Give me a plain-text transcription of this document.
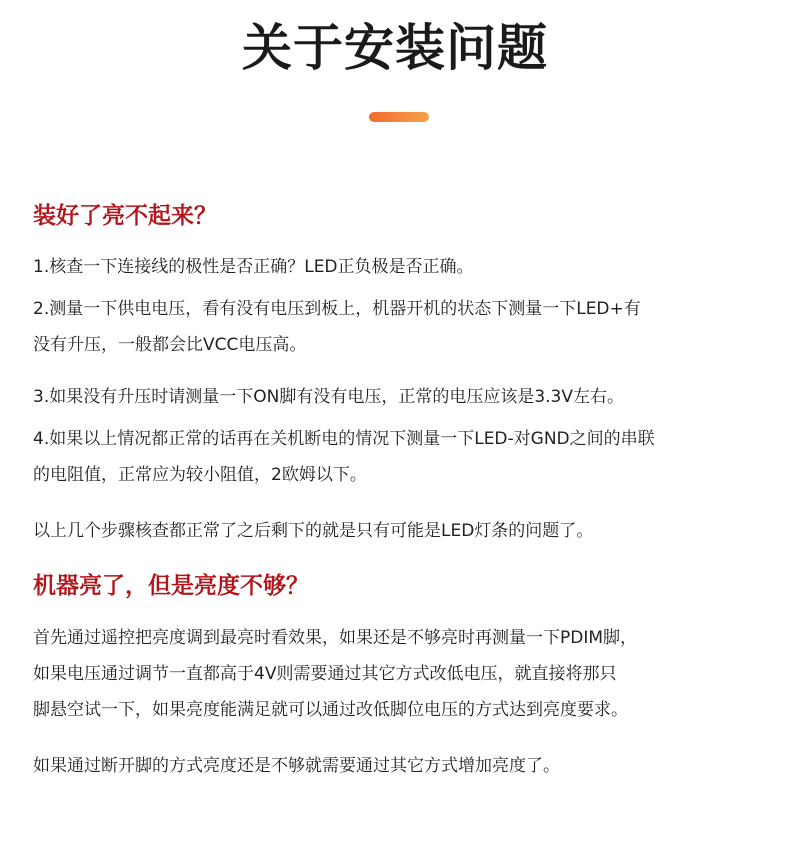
关于安装问题
装好了亮不起来？
1.核查一下连接线的极性是否正确？LED正负极是否正确。
2.测量一下供电电压，看有没有电压到板上，机器开机的状态下测量一下LED+有
没有升压，一般都会比VCC电压高。
3.如果没有升压时请测量一下ON脚有没有电压，正常的电压应该是3.3V左右。
4.如果以上情况都正常的话再在关机断电的情况下测量一下LED-对GND之间的串联
的电阻值，正常应为较小阻值，2欧姆以下。
以上几个步骤核查都正常了之后剩下的就是只有可能是LED灯条的问题了。
机器亮了，但是亮度不够？
首先通过遥控把亮度调到最亮时看效果，如果还是不够亮时再测量一下PDIM脚，
如果电压通过调节一直都高于4V则需要通过其它方式改低电压，就直接将那只
脚悬空试一下，如果亮度能满足就可以通过改低脚位电压的方式达到亮度要求。
如果通过断开脚的方式亮度还是不够就需要通过其它方式增加亮度了。
